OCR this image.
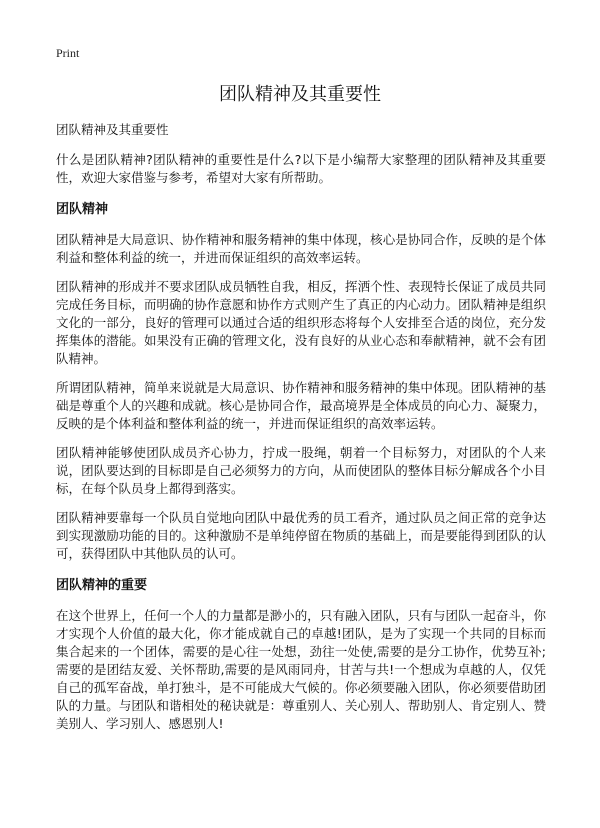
Print
团队精神及其重要性

团队精神及其重要性

什么是团队精神?团队精神的重要性是什么?以下是小编帮大家整理的团队精神及其重要性，欢迎大家借鉴与参考，希望对大家有所帮助。

团队精神

团队精神是大局意识、协作精神和服务精神的集中体现，核心是协同合作，反映的是个体利益和整体利益的统一，并进而保证组织的高效率运转。

团队精神的形成并不要求团队成员牺牲自我，相反，挥洒个性、表现特长保证了成员共同完成任务目标，而明确的协作意愿和协作方式则产生了真正的内心动力。团队精神是组织文化的一部分，良好的管理可以通过合适的组织形态将每个人安排至合适的岗位，充分发挥集体的潜能。如果没有正确的管理文化，没有良好的从业心态和奉献精神，就不会有团队精神。

所谓团队精神，简单来说就是大局意识、协作精神和服务精神的集中体现。团队精神的基础是尊重个人的兴趣和成就。核心是协同合作，最高境界是全体成员的向心力、凝聚力，反映的是个体利益和整体利益的统一，并进而保证组织的高效率运转。

团队精神能够使团队成员齐心协力，拧成一股绳，朝着一个目标努力，对团队的个人来说，团队要达到的目标即是自己必须努力的方向，从而使团队的整体目标分解成各个小目标，在每个队员身上都得到落实。

团队精神要靠每一个队员自觉地向团队中最优秀的员工看齐，通过队员之间正常的竞争达到实现激励功能的目的。这种激励不是单纯停留在物质的基础上，而是要能得到团队的认可，获得团队中其他队员的认可。

团队精神的重要

在这个世界上，任何一个人的力量都是渺小的，只有融入团队，只有与团队一起奋斗，你才实现个人价值的最大化，你才能成就自己的卓越!团队，是为了实现一个共同的目标而集合起来的一个团体，需要的是心往一处想，劲往一处使,需要的是分工协作，优势互补;需要的是团结友爱、关怀帮助,需要的是风雨同舟，甘苦与共!一个想成为卓越的人，仅凭自己的孤军奋战，单打独斗，是不可能成大气候的。你必须要融入团队，你必须要借助团队的力量。与团队和谐相处的秘诀就是：尊重别人、关心别人、帮助别人、肯定别人、赞美别人、学习别人、感恩别人!
